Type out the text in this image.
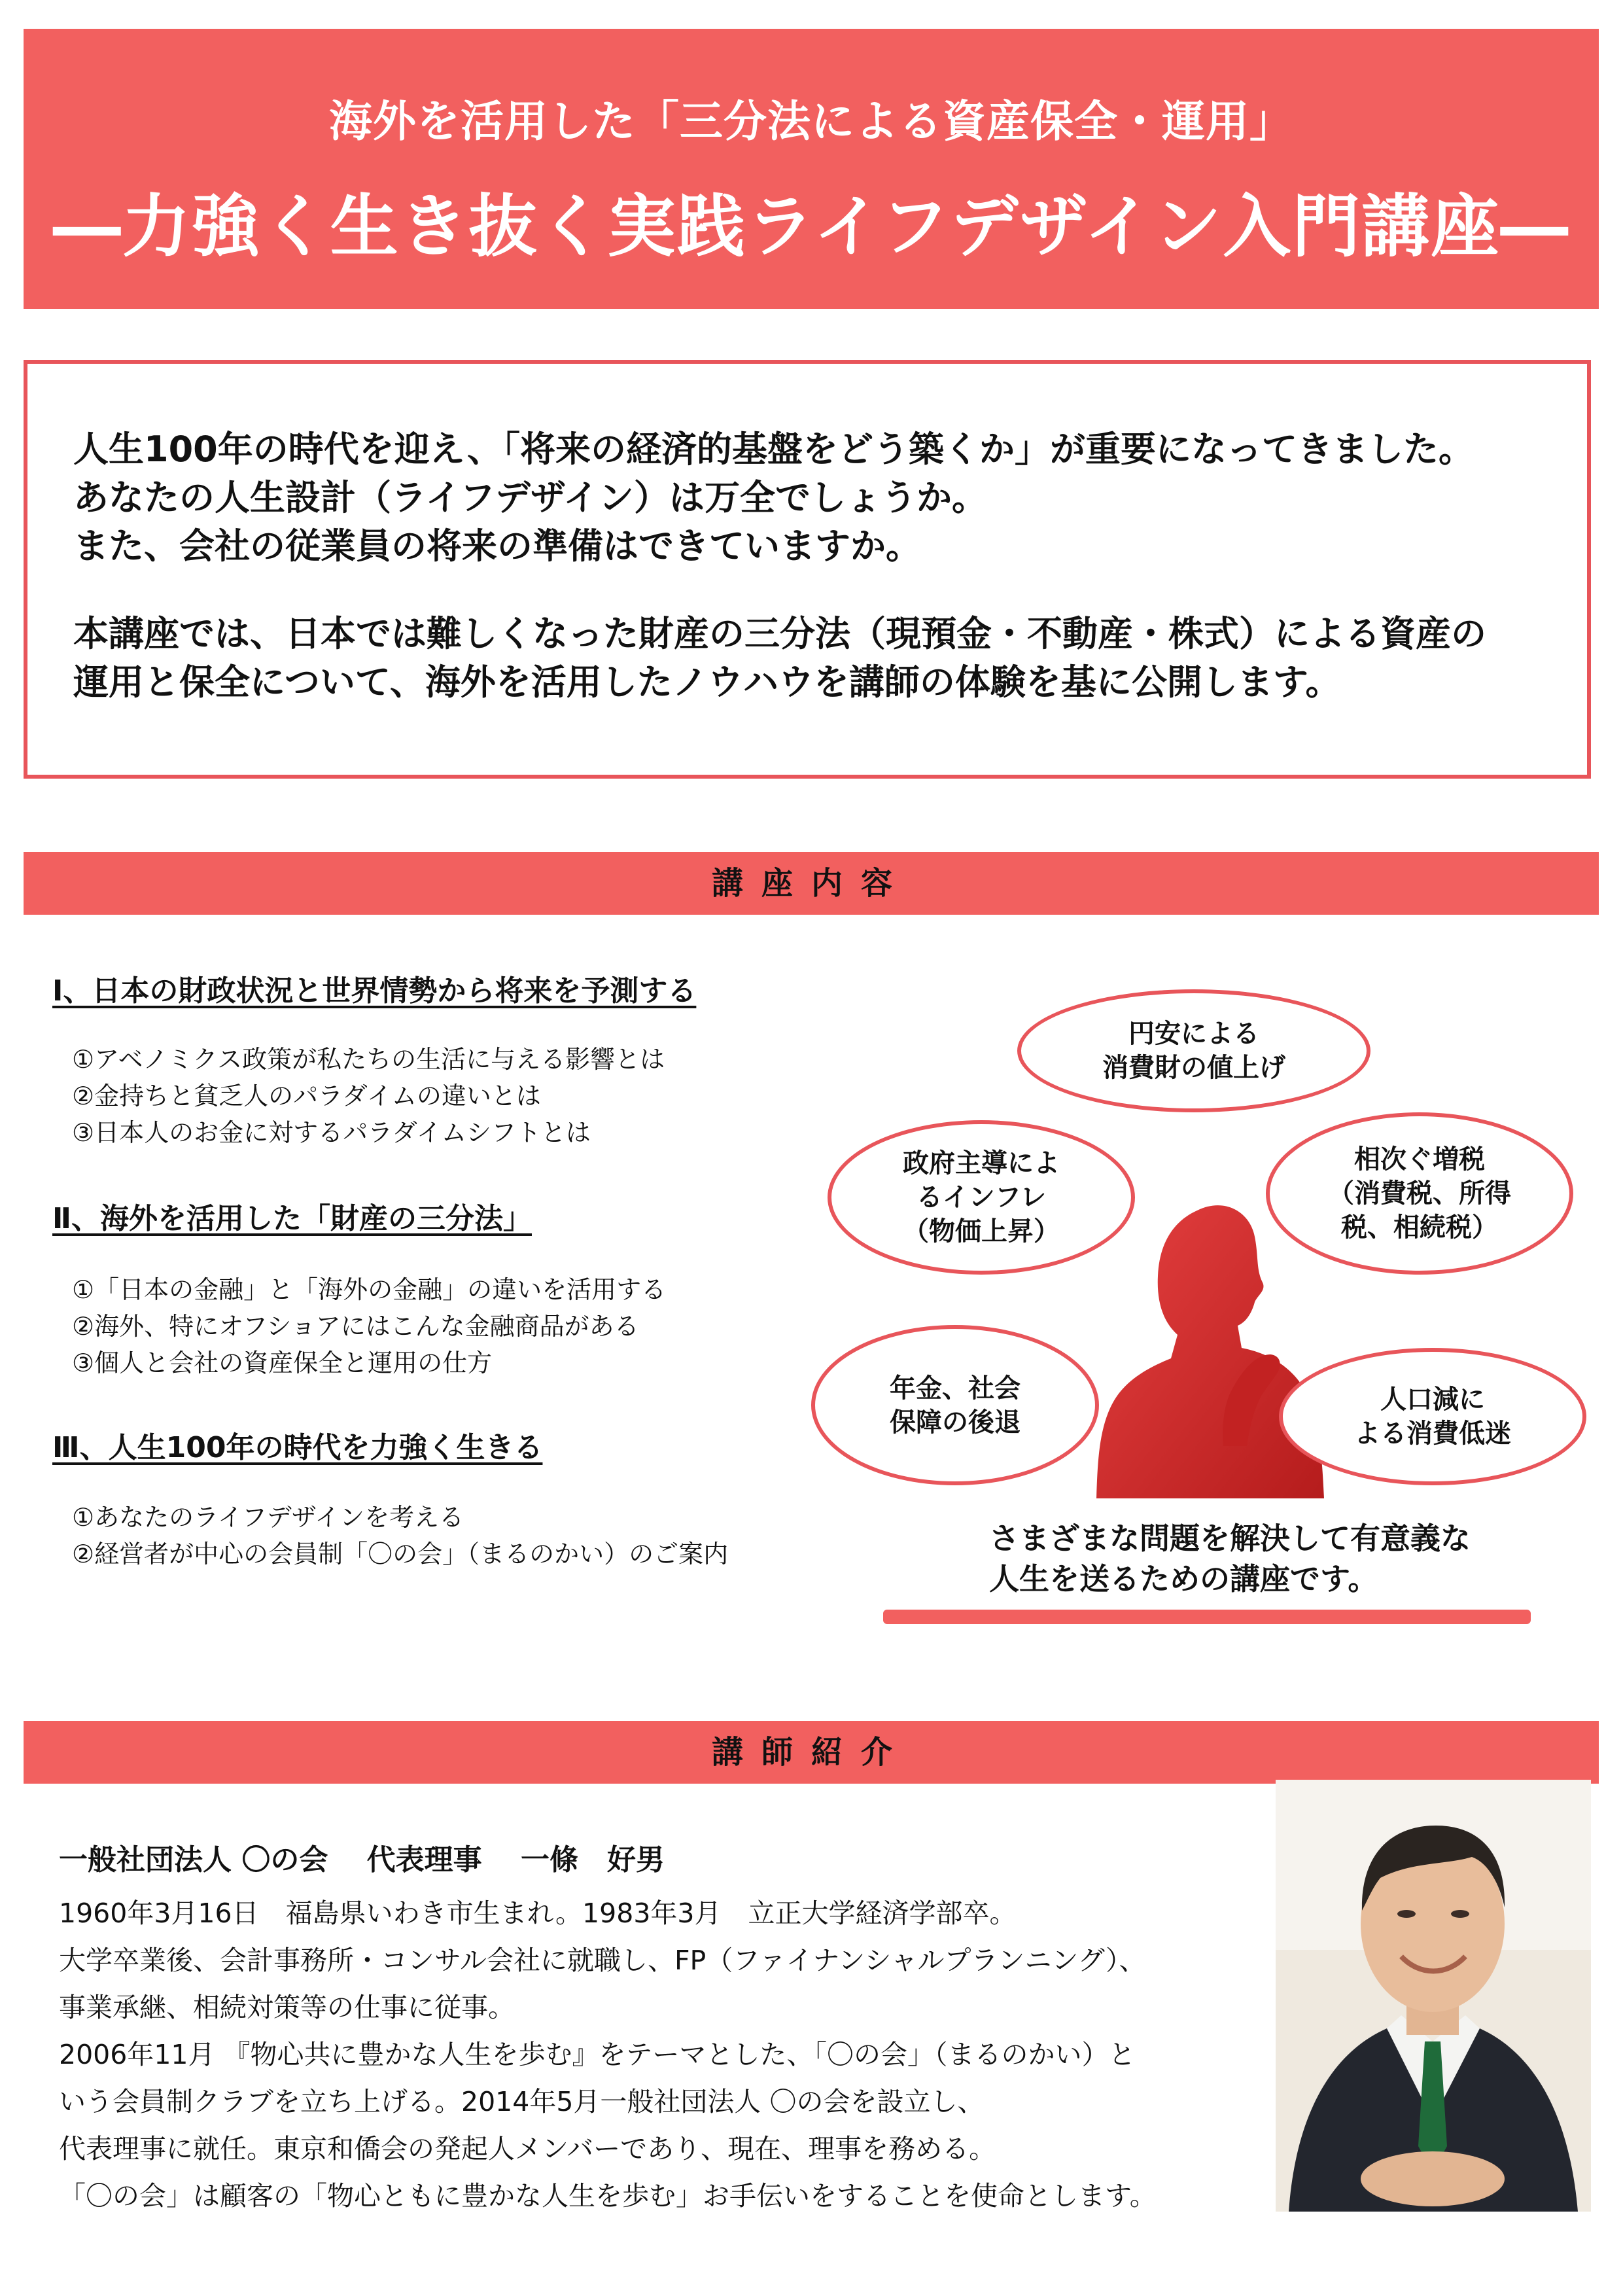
海外を活用した「三分法による資産保全・運用」
―力強く生き抜く実践ライフデザイン入門講座―
人生100年の時代を迎え、「将来の経済的基盤をどう築くか」が重要になってきました。
あなたの人生設計（ライフデザイン）は万全でしょうか。
また、会社の従業員の将来の準備はできていますか。
本講座では、日本では難しくなった財産の三分法（現預金・不動産・株式）による資産の
運用と保全について、海外を活用したノウハウを講師の体験を基に公開します。
講座内容
Ⅰ、日本の財政状況と世界情勢から将来を予測する
①アベノミクス政策が私たちの生活に与える影響とは
②金持ちと貧乏人のパラダイムの違いとは
③日本人のお金に対するパラダイムシフトとは
Ⅱ、海外を活用した「財産の三分法」
①「日本の金融」と「海外の金融」の違いを活用する
②海外、特にオフショアにはこんな金融商品がある
③個人と会社の資産保全と運用の仕方
Ⅲ、人生100年の時代を力強く生きる
①あなたのライフデザインを考える
②経営者が中心の会員制「〇の会」（まるのかい）のご案内
円安による
消費財の値上げ
政府主導によ
るインフレ
（物価上昇）
相次ぐ増税
（消費税、所得
税、相続税）
年金、社会
保障の後退
人口減に
よる消費低迷
さまざまな問題を解決して有意義な
人生を送るための講座です。
講師紹介
一般社団法人 〇の会　 代表理事　 一條　好男
1960年3月16日　福島県いわき市生まれ。1983年3月　立正大学経済学部卒。
大学卒業後、会計事務所・コンサル会社に就職し、FP（ファイナンシャルプランニング）、
事業承継、相続対策等の仕事に従事。
2006年11月 『物心共に豊かな人生を歩む』をテーマとした、「〇の会」（まるのかい）と
いう会員制クラブを立ち上げる。2014年5月一般社団法人 〇の会を設立し、
代表理事に就任。東京和僑会の発起人メンバーであり、現在、理事を務める。
「〇の会」は顧客の「物心ともに豊かな人生を歩む」お手伝いをすることを使命とします。
